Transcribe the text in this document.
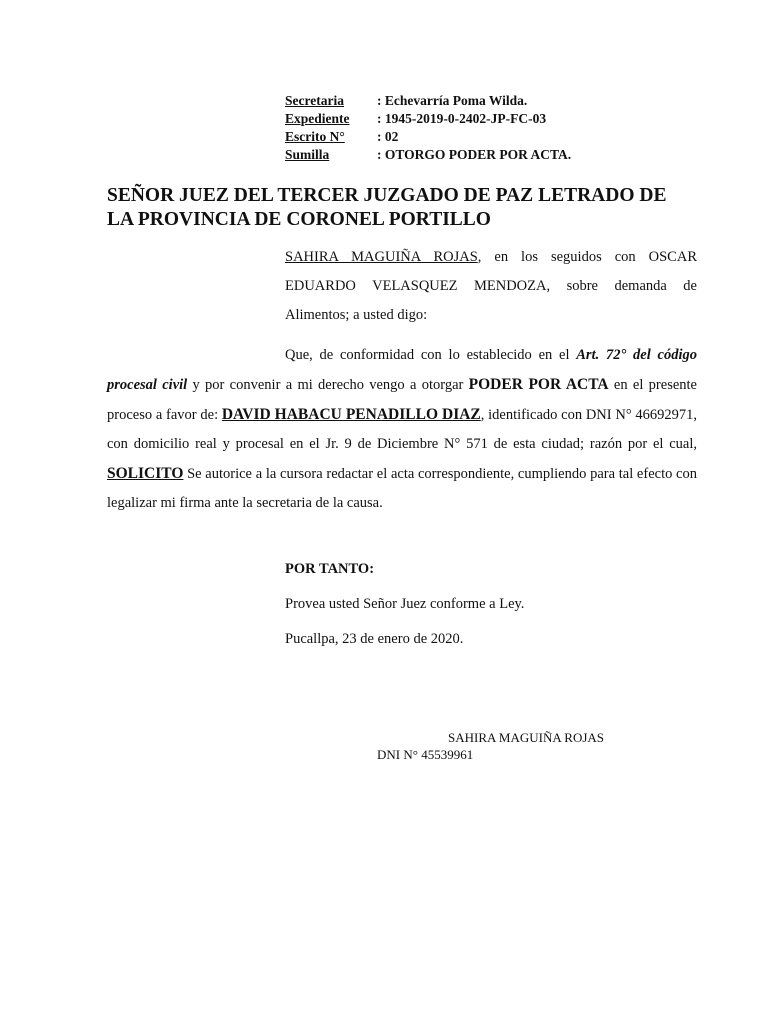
Secretaria	: Echevarría Poma Wilda.
Expediente	: 1945-2019-0-2402-JP-FC-03
Escrito N°	: 02
Sumilla	: OTORGO PODER POR ACTA.
SEÑOR JUEZ DEL TERCER JUZGADO DE PAZ LETRADO DE LA PROVINCIA DE CORONEL PORTILLO
SAHIRA MAGUIÑA ROJAS, en los seguidos con OSCAR EDUARDO VELASQUEZ MENDOZA, sobre demanda de Alimentos; a usted digo:
Que, de conformidad con lo establecido en el Art. 72° del código procesal civil y por convenir a mi derecho vengo a otorgar PODER POR ACTA en el presente proceso a favor de: DAVID HABACU PENADILLO DIAZ, identificado con DNI N° 46692971, con domicilio real y procesal en el Jr. 9 de Diciembre N° 571 de esta ciudad; razón por el cual, SOLICITO Se autorice a la cursora redactar el acta correspondiente, cumpliendo para tal efecto con legalizar mi firma ante la secretaria de la causa.
POR TANTO:
Provea usted Señor Juez conforme a Ley.
Pucallpa, 23 de enero de 2020.
SAHIRA MAGUIÑA ROJAS
DNI N° 45539961
